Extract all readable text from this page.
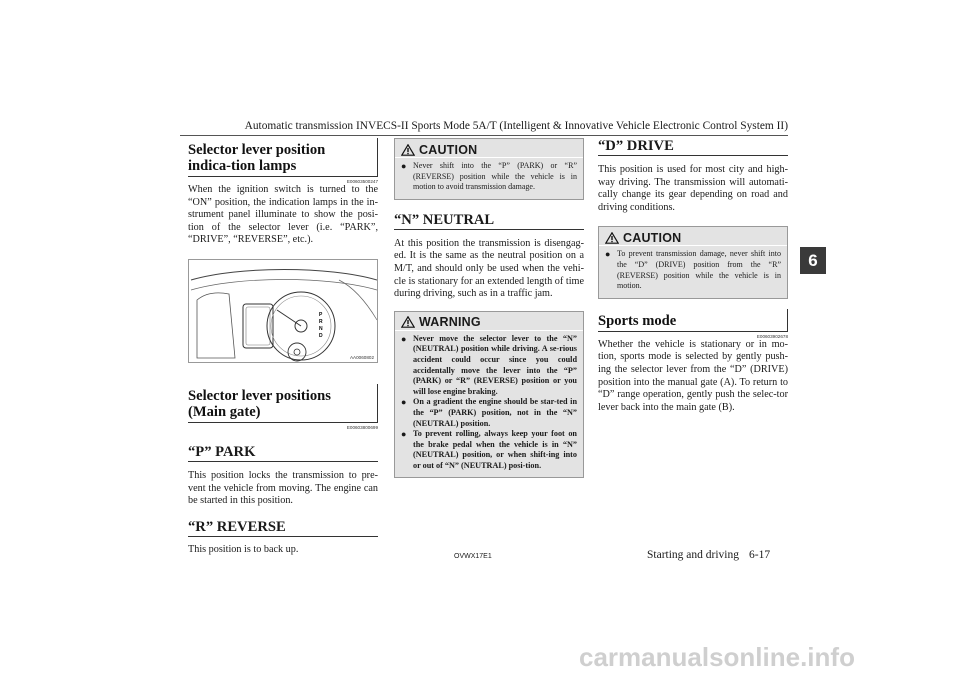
Automatic transmission INVECS-II Sports Mode 5A/T (Intelligent & Innovative Vehicle Electronic Control System II)
6
Selector lever position indica-tion lamps
E00603500247

When the ignition switch is turned to the “ON” position, the indication lamps in the in-strument panel illuminate to show the posi-tion of the selector lever (i.e. “PARK”, “DRIVE”, “REVERSE”, etc.).

P
R
N
D
AA0060802
Selector lever positions (Main gate)
E00603800699
“P” PARK

This position locks the transmission to pre-vent the vehicle from moving. The engine can be started in this position.

“R” REVERSE

This position is to back up.

CAUTION
● Never shift into the “P” (PARK) or “R” (REVERSE) position while the vehicle is in motion to avoid transmission damage.
“N” NEUTRAL

At this position the transmission is disengag-ed. It is the same as the neutral position on a M/T, and should only be used when the vehi-cle is stationary for an extended length of time during driving, such as in a traffic jam.

WARNING
● Never move the selector lever to the “N” (NEUTRAL) position while driving. A se-rious accident could occur since you could accidentally move the lever into the “P” (PARK) or “R” (REVERSE) position or you will lose engine braking.
● On a gradient the engine should be star-ted in the “P” (PARK) position, not in the “N” (NEUTRAL) position.
● To prevent rolling, always keep your foot on the brake pedal when the vehicle is in “N” (NEUTRAL) position, or when shift-ing into or out of “N” (NEUTRAL) posi-tion.
“D” DRIVE

This position is used for most city and high-way driving. The transmission will automati-cally change its gear depending on road and driving conditions.

CAUTION
● To prevent transmission damage, never shift into the “D” (DRIVE) position from the “R” (REVERSE) position while the vehicle is in motion.
Sports mode
E00603902678

Whether the vehicle is stationary or in mo-tion, sports mode is selected by gently push-ing the selector lever from the “D” (DRIVE) position into the manual gate (A). To return to “D” range operation, gently push the selec-tor lever back into the main gate (B).

OVWX17E1	Starting and driving 6-17
carmanualsonline.info
